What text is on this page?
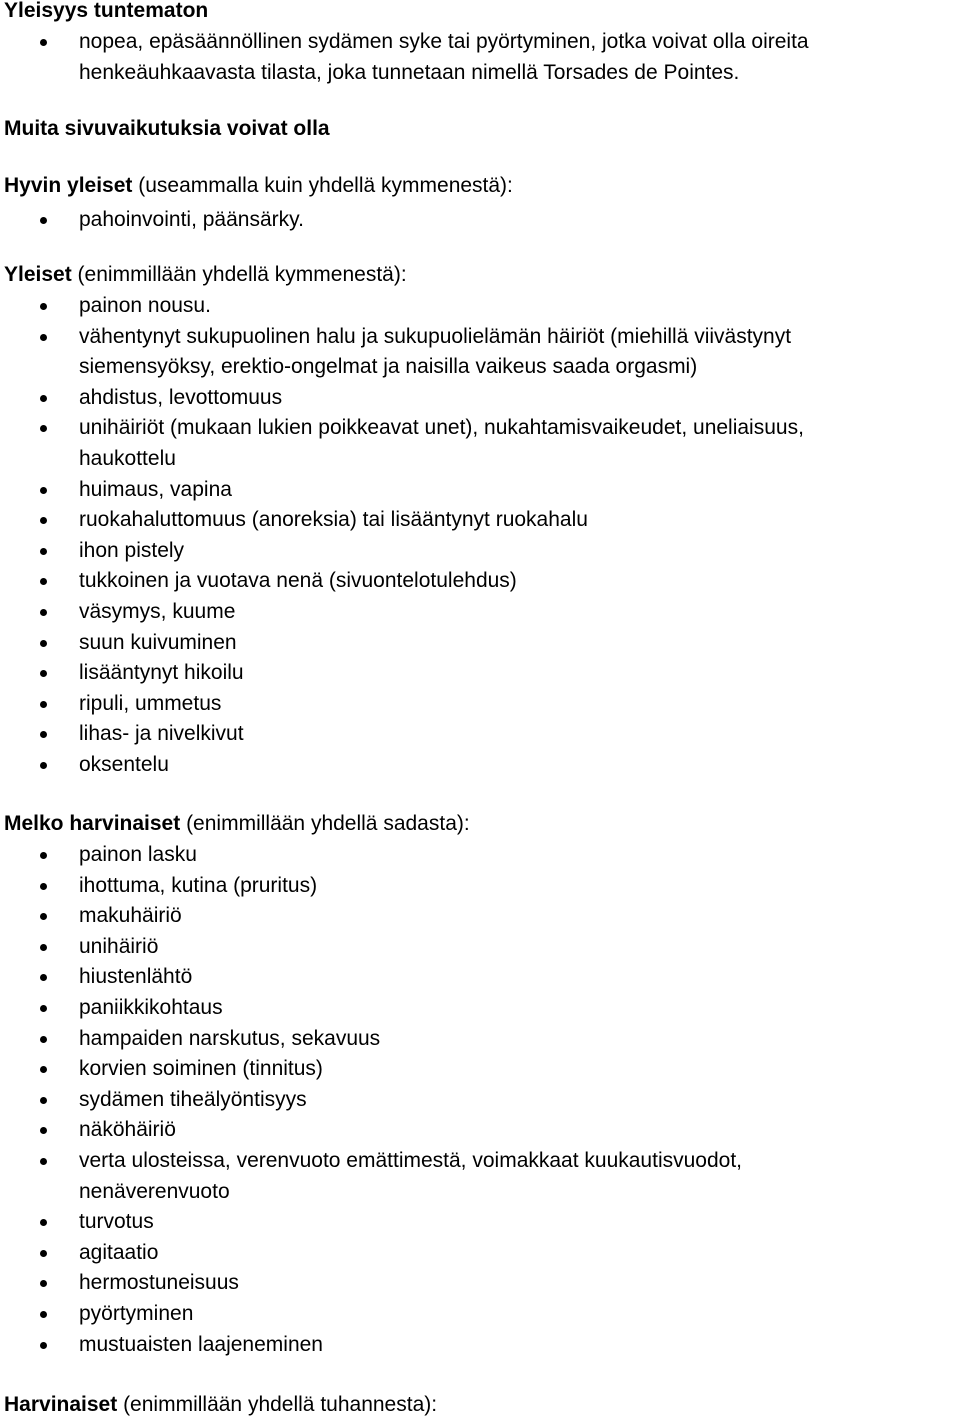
Yleisyys tuntematon
nopea, epäsäännöllinen sydämen syke tai pyörtyminen, jotka voivat olla oireita
henkeäuhkaavasta tilasta, joka tunnetaan nimellä Torsades de Pointes.
Muita sivuvaikutuksia voivat olla
Hyvin yleiset (useammalla kuin yhdellä kymmenestä):
pahoinvointi, päänsärky.
Yleiset (enimmillään yhdellä kymmenestä):
painon nousu.
vähentynyt sukupuolinen halu ja sukupuolielämän häiriöt (miehillä viivästynyt
siemensyöksy, erektio-ongelmat ja naisilla vaikeus saada orgasmi)
ahdistus, levottomuus
unihäiriöt (mukaan lukien poikkeavat unet), nukahtamisvaikeudet, uneliaisuus,
haukottelu
huimaus, vapina
ruokahaluttomuus (anoreksia) tai lisääntynyt ruokahalu
ihon pistely
tukkoinen ja vuotava nenä (sivuontelotulehdus)
väsymys, kuume
suun kuivuminen
lisääntynyt hikoilu
ripuli, ummetus
lihas- ja nivelkivut
oksentelu
Melko harvinaiset (enimmillään yhdellä sadasta):
painon lasku
ihottuma, kutina (pruritus)
makuhäiriö
unihäiriö
hiustenlähtö
paniikkikohtaus
hampaiden narskutus, sekavuus
korvien soiminen (tinnitus)
sydämen tiheälyöntisyys
näköhäiriö
verta ulosteissa, verenvuoto emättimestä, voimakkaat kuukautisvuodot,
nenäverenvuoto
turvotus
agitaatio
hermostuneisuus
pyörtyminen
mustuaisten laajeneminen
Harvinaiset (enimmillään yhdellä tuhannesta):
